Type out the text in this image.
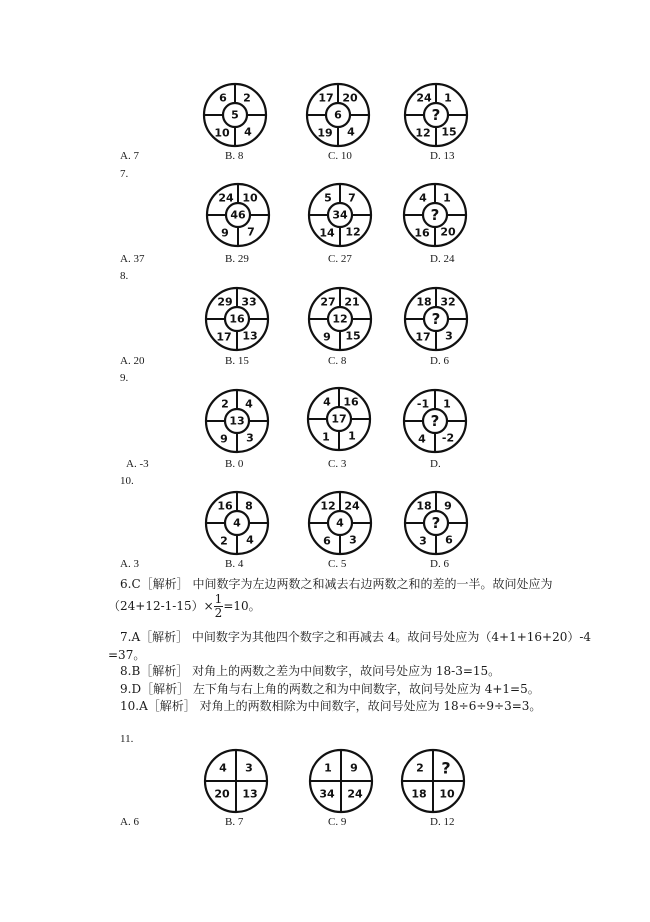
5
6 2
10 4
6
17 20
19 4
?
24 1
12 15
A. 7	B. 8	C. 10	D. 13
7.
46
24 10
9 7
34
5 7
14 12
?
4 1
16 20
A. 37	B. 29	C. 27	D. 24
8.
16
29 33
17 13
12
27 21
9 15
?
18 32
17 3
A. 20	B. 15	C. 8	D. 6
9.
13
2 4
9 3
17
4 16
1 1
?
-1 1
4 -2
A. -3	B. 0	C. 3	D.
10.
4
16 8
2 4
4
12 24
6 3
?
18 9
3 6
A. 3	B. 4	C. 5	D. 6
6.C［解析］ 中间数字为左边两数之和减去右边两数之和的差的一半。故问处应为
$(24+12-1-15)\times \frac{1}{2} =10$。
7.A［解析］ 中间数字为其他四个数字之和再减去 4。故问号处应为（4+1+16+20）-4
=37。
8.B［解析］ 对角上的两数之差为中间数字，故问号处应为 18-3=15。
9.D［解析］ 左下角与右上角的两数之和为中间数字，故问号处应为 4+1=5。
10.A［解析］ 对角上的两数相除为中间数字，故问号处应为 18÷6÷9÷3=3。
11.
4 3
20 13
1 9
34 24
2 ?
18 10
A. 6	B. 7	C. 9	D. 12
